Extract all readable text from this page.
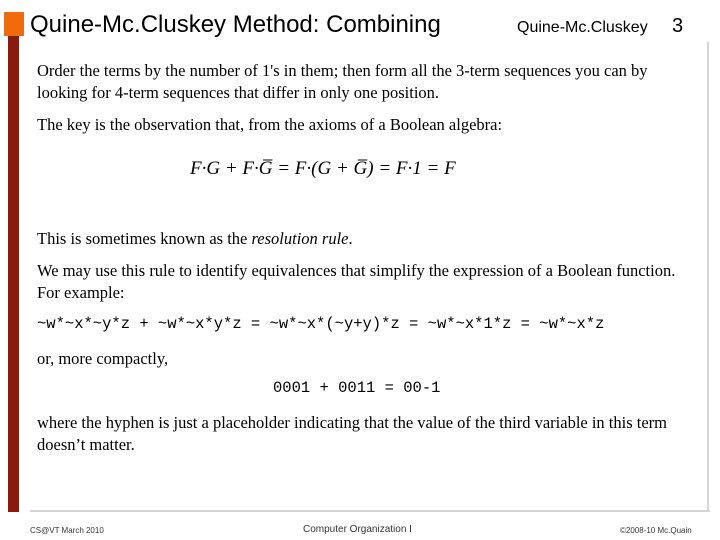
Quine-Mc.Cluskey Method: Combining	Quine-Mc.Cluskey 3
Order the terms by the number of 1's in them; then form all the 3-term sequences you can by looking for 4-term sequences that differ in only one position.
The key is the observation that, from the axioms of a Boolean algebra:
F·G + F·G̅ = F·(G + G̅) = F·1 = F
This is sometimes known as the resolution rule.
We may use this rule to identify equivalences that simplify the expression of a Boolean function. For example:
~w*~x*~y*z + ~w*~x*y*z = ~w*~x*(~y+y)*z = ~w*~x*1*z = ~w*~x*z
or, more compactly,
0001 + 0011 = 00-1
where the hyphen is just a placeholder indicating that the value of the third variable in this term doesn’t matter.
CS@VT March 2010	Computer Organization I	©2008-10 Mc.Quain
